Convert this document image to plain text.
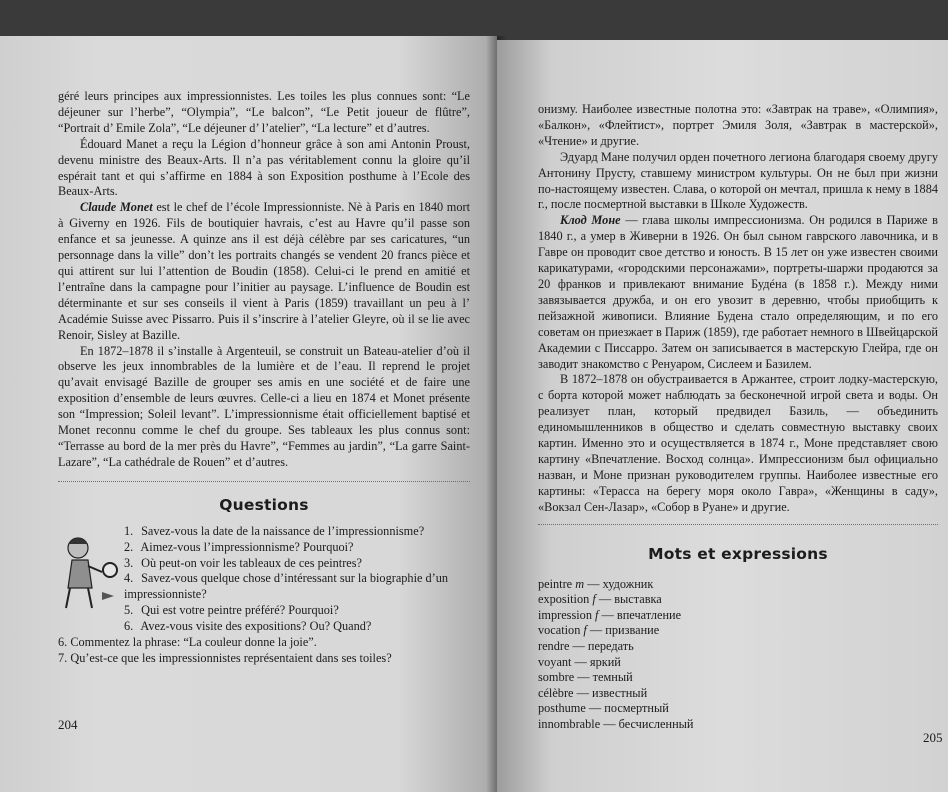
géré leurs principes aux impressionnistes. Les toiles les plus connues sont: “Le déjeuner sur l’herbe”, “Olympia”, “Le balcon”, “Le Petit joueur de flûtre”, “Portrait d’ Emile Zola”, “Le déjeuner d’ l’atelier”, “La lecture” et d’autres.

Édouard Manet a reçu la Légion d’honneur grâce à son ami Antonin Proust, devenu ministre des Beaux-Arts. Il n’a pas véritablement connu la gloire qu’il espérait tant et qui s’affirme en 1884 à son Exposition posthume à l’Ecole des Beaux-Arts.

Claude Monet est le chef de l’école Impressionniste. Nè à Paris en 1840 mort à Giverny en 1926. Fils de boutiquier havrais, c’est au Havre qu’il passe son enfance et sa jeunesse. A quinze ans il est déjà célèbre par ses caricatures, “un personnage dans la ville” don’t les portraits changés se vendent 20 francs pièce et qui attirent sur lui l’attention de Boudin (1858). Celui-ci le prend en amitié et l’entraîne dans la campagne pour l’initier au paysage. L’influence de Boudin est déterminante et sur ses conseils il vient à Paris (1859) travaillant un peu à l’ Académie Suisse avec Pissarro. Puis il s’inscrire à l’atelier Gleyre, où il se lie avec Renoir, Sisley at Bazille.

En 1872–1878 il s’installe à Argenteuil, se construit un Bateau-atelier d’où il observe les jeux innombrables de la lumière et de l’eau. Il reprend le projet qu’avait envisagé Bazille de grouper ses amis en une société et de faire une exposition d’ensemble de leurs œuvres. Celle-ci a lieu en 1874 et Monet présente son “Impression; Soleil levant”. L’impressionnisme était officiellement baptisé et Monet reconnu comme le chef du groupe. Ses tableaux les plus connus sont: “Terrasse au bord de la mer près du Havre”, “Femmes au jardin”, “La garre Saint-Lazare”, “La cathédrale de Rouen” et d’autres.

Questions
1. Savez-vous la date de la naissance de l’impressionnisme?
2. Aimez-vous l’impressionnisme? Pourquoi?
3. Où peut-on voir les tableaux de ces peintres?
4. Savez-vous quelque chose d’intéressant sur la biographie d’un impressionniste?
5. Qui est votre peintre préféré? Pourquoi?
6. Avez-vous visite des expositions? Ou? Quand?
6. Commentez la phrase: “La couleur donne la joie”.
7. Qu’est-ce que les impressionnistes représentaient dans ses toiles?
204

онизму. Наиболее известные полотна это: «Завтрак на траве», «Олимпия», «Балкон», «Флейтист», портрет Эмиля Золя, «Завтрак в мастерской», «Чтение» и другие.

Эдуард Мане получил орден почетного легиона благодаря своему другу Антонину Прусту, ставшему министром культуры. Он не был при жизни по-настоящему известен. Слава, о которой он мечтал, пришла к нему в 1884 г., после посмертной выставки в Школе Художеств.

Клод Моне — глава школы импрессионизма. Он родился в Париже в 1840 г., а умер в Живерни в 1926. Он был сыном гаврского лавочника, и в Гавре он проводит свое детство и юность. В 15 лет он уже известен своими карикатурами, «городскими персонажами», портреты-шаржи продаются за 20 франков и привлекают внимание Будéна (в 1858 г.). Между ними завязывается дружба, и он его увозит в деревню, чтобы приобщить к пейзажной живописи. Влияние Будена стало определяющим, и по его советам он приезжает в Париж (1859), где работает немного в Швейцарской Академии с Писсарро. Затем он записывается в мастерскую Глейра, где он заводит знакомство с Ренуаром, Сислеем и Базилем.

В 1872–1878 он обустраивается в Аржантее, строит лодку-мастерскую, с борта которой может наблюдать за бесконечной игрой света и воды. Он реализует план, который предвидел Базиль, — объединить единомышленников в общество и сделать совместную выставку своих картин. Именно это и осуществляется в 1874 г., Моне представляет свою картину «Впечатление. Восход солнца». Импрессионизм был официально назван, и Моне признан руководителем группы. Наиболее известные его картины: «Терасса на берегу моря около Гавра», «Женщины в саду», «Вокзал Сен-Лазар», «Собор в Руане» и другие.

Mots et expressions
peintre m — художник
exposition f — выставка
impression f — впечатление
vocation f — призвание
rendre — передать
voyant — яркий
sombre — темный
célèbre — известный
posthume — посмертный
innombrable — бесчисленный
205
